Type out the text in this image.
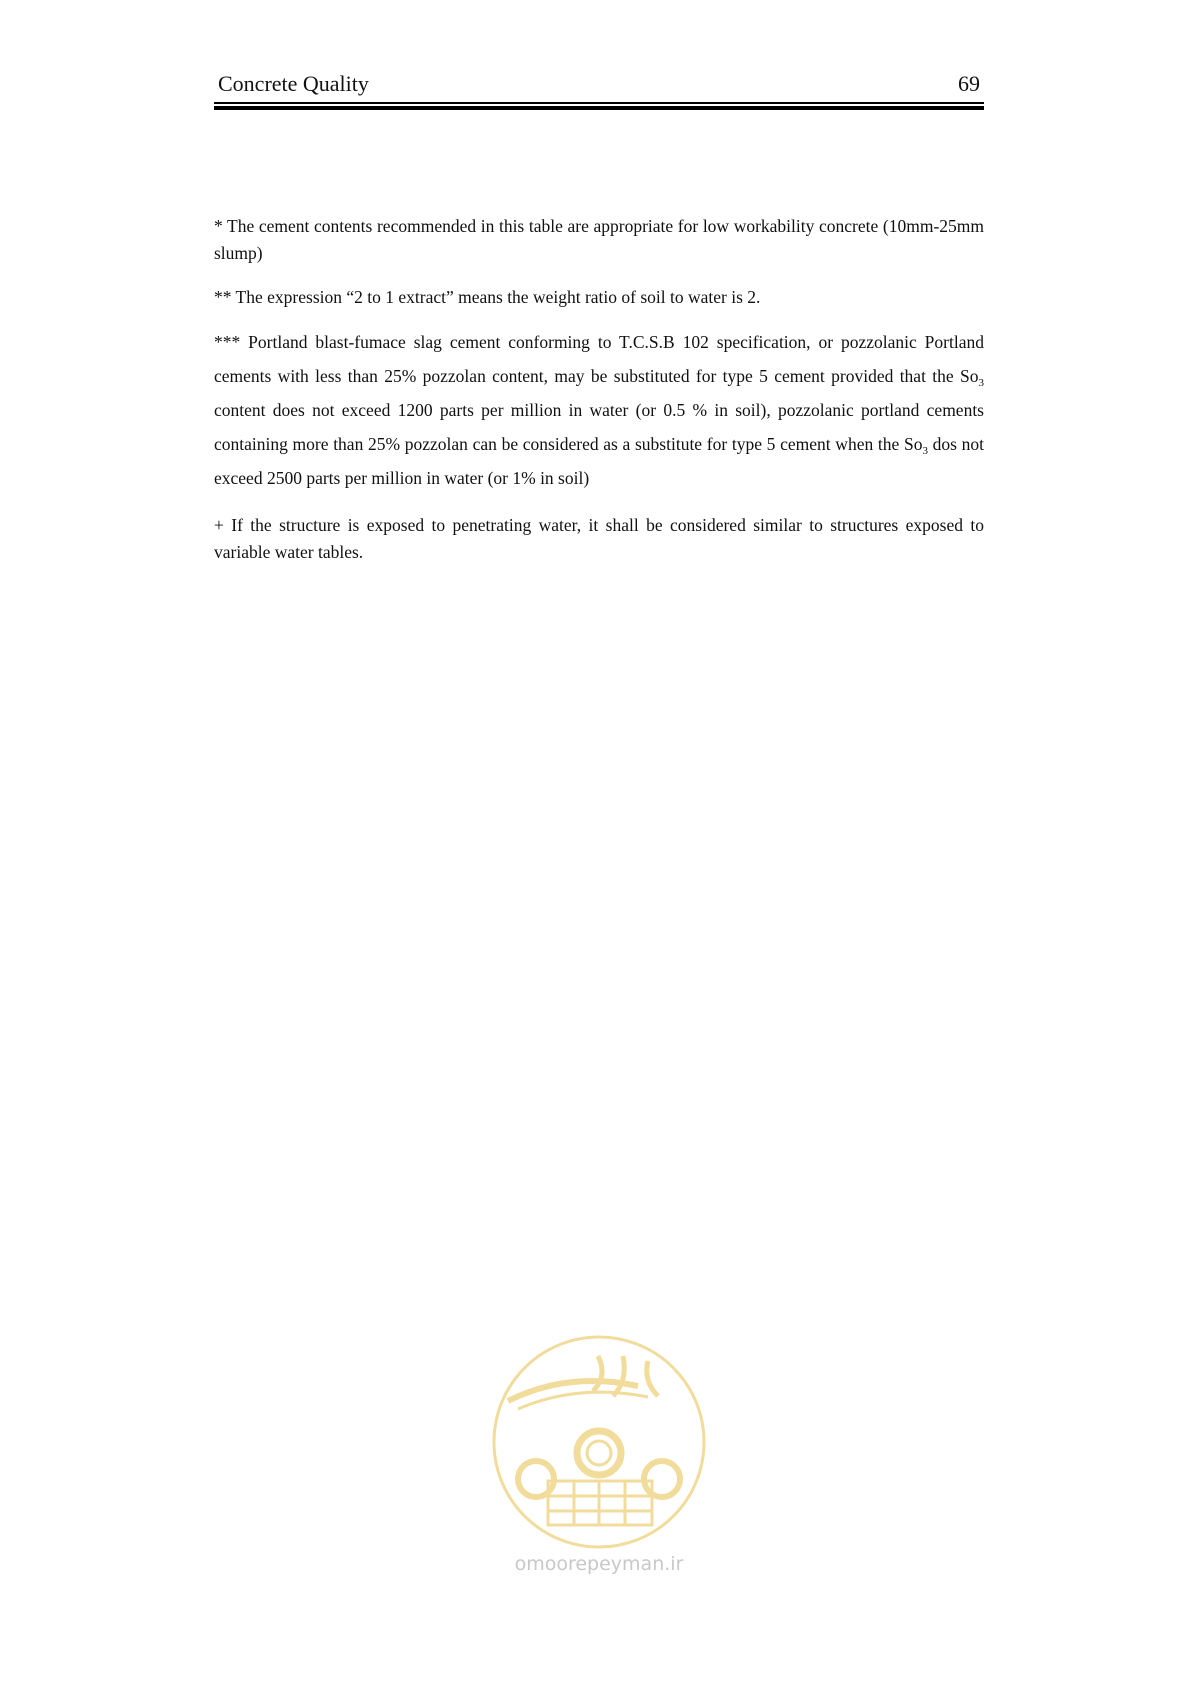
Concrete Quality	69

* The cement contents recommended in this table are appropriate for low workability concrete (10mm-25mm slump)

** The expression “2 to 1 extract” means the weight ratio of soil to water is 2.

*** Portland blast-fumace slag cement conforming to T.C.S.B 102 specification, or pozzolanic Portland cements with less than 25% pozzolan content, may be substituted for type 5 cement provided that the $So_3$ content does not exceed 1200 parts per million in water (or 0.5 % in soil), pozzolanic portland cements containing more than 25% pozzolan can be considered as a substitute for type 5 cement when the $So_3$ dos not exceed 2500 parts per million in water (or 1% in soil)

+ If the structure is exposed to penetrating water, it shall be considered similar to structures exposed to variable water tables.

omoorepeyman.ir
